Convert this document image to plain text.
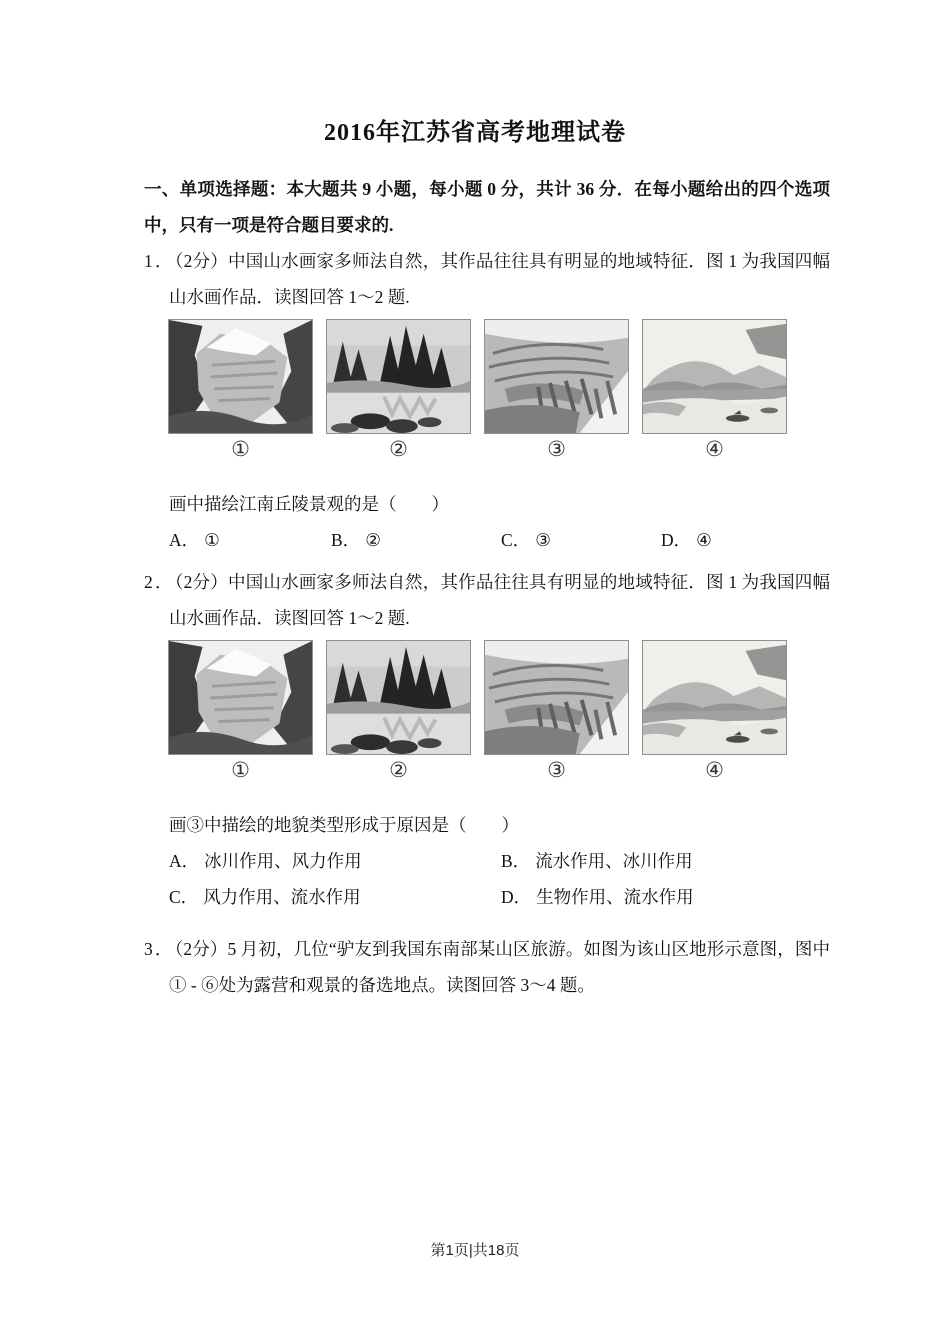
2016年江苏省高考地理试卷

一、单项选择题：本大题共 9 小题，每小题 0 分，共计 36 分．在每小题给出的四个选项中，只有一项是符合题目要求的.

1．（2分）中国山水画家多师法自然，其作品往往具有明显的地域特征．图 1 为我国四幅山水画作品．读图回答 1～2 题.

①	②	③	④

画中描绘江南丘陵景观的是（　　）

A． ①	B． ②	C． ③	D． ④

2．（2分）中国山水画家多师法自然，其作品往往具有明显的地域特征．图 1 为我国四幅山水画作品．读图回答 1～2 题.

①	②	③	④

画③中描绘的地貌类型形成于原因是（　　）

A． 冰川作用、风力作用	B． 流水作用、冰川作用
C． 风力作用、流水作用	D． 生物作用、流水作用

3．（2分）5 月初，几位“驴友到我国东南部某山区旅游。如图为该山区地形示意图，图中① - ⑥处为露营和观景的备选地点。读图回答 3～4 题。

第1页|共18页
